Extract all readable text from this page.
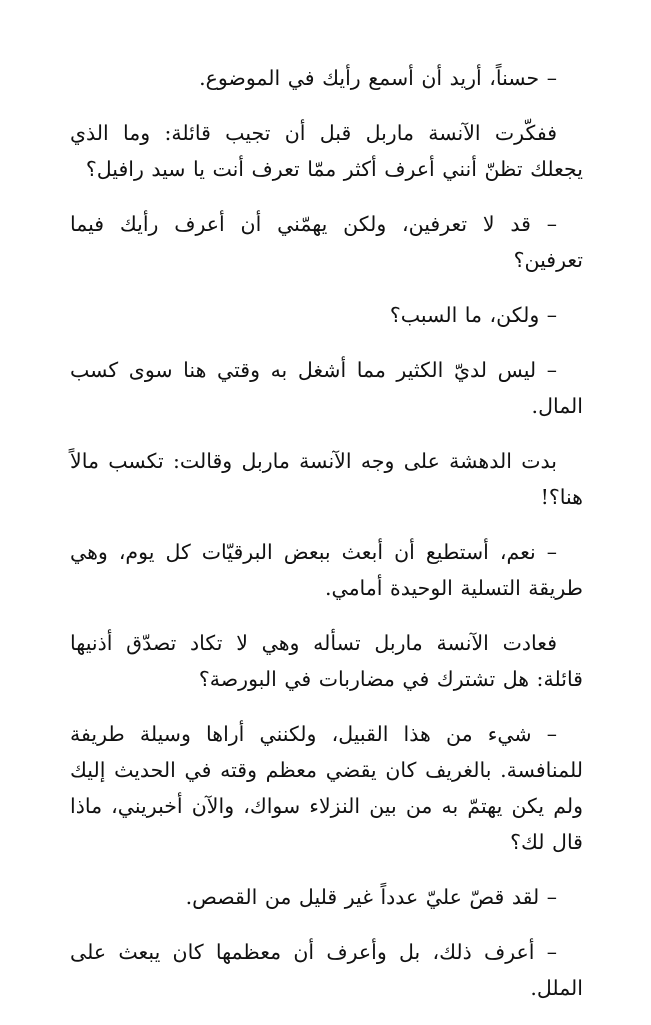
– حسناً، أريد أن أسمع رأيك في الموضوع.

ففكّرت الآنسة ماربل قبل أن تجيب قائلة: وما الذي يجعلك تظنّ أنني أعرف أكثر ممّا تعرف أنت يا سيد رافيل؟

– قد لا تعرفين، ولكن يهمّني أن أعرف رأيك فيما تعرفين؟

– ولكن، ما السبب؟

– ليس لديّ الكثير مما أشغل به وقتي هنا سوى كسب المال.

بدت الدهشة على وجه الآنسة ماربل وقالت: تكسب مالاً هنا؟!

– نعم، أستطيع أن أبعث ببعض البرقيّات كل يوم، وهي طريقة التسلية الوحيدة أمامي.

فعادت الآنسة ماربل تسأله وهي لا تكاد تصدّق أذنيها قائلة: هل تشترك في مضاربات في البورصة؟

– شيء من هذا القبيل، ولكنني أراها وسيلة طريفة للمنافسة. بالغريف كان يقضي معظم وقته في الحديث إليك ولم يكن يهتمّ به من بين النزلاء سواك، والآن أخبريني، ماذا قال لك؟

– لقد قصّ عليّ عدداً غير قليل من القصص.

– أعرف ذلك، بل وأعرف أن معظمها كان يبعث على الملل.
